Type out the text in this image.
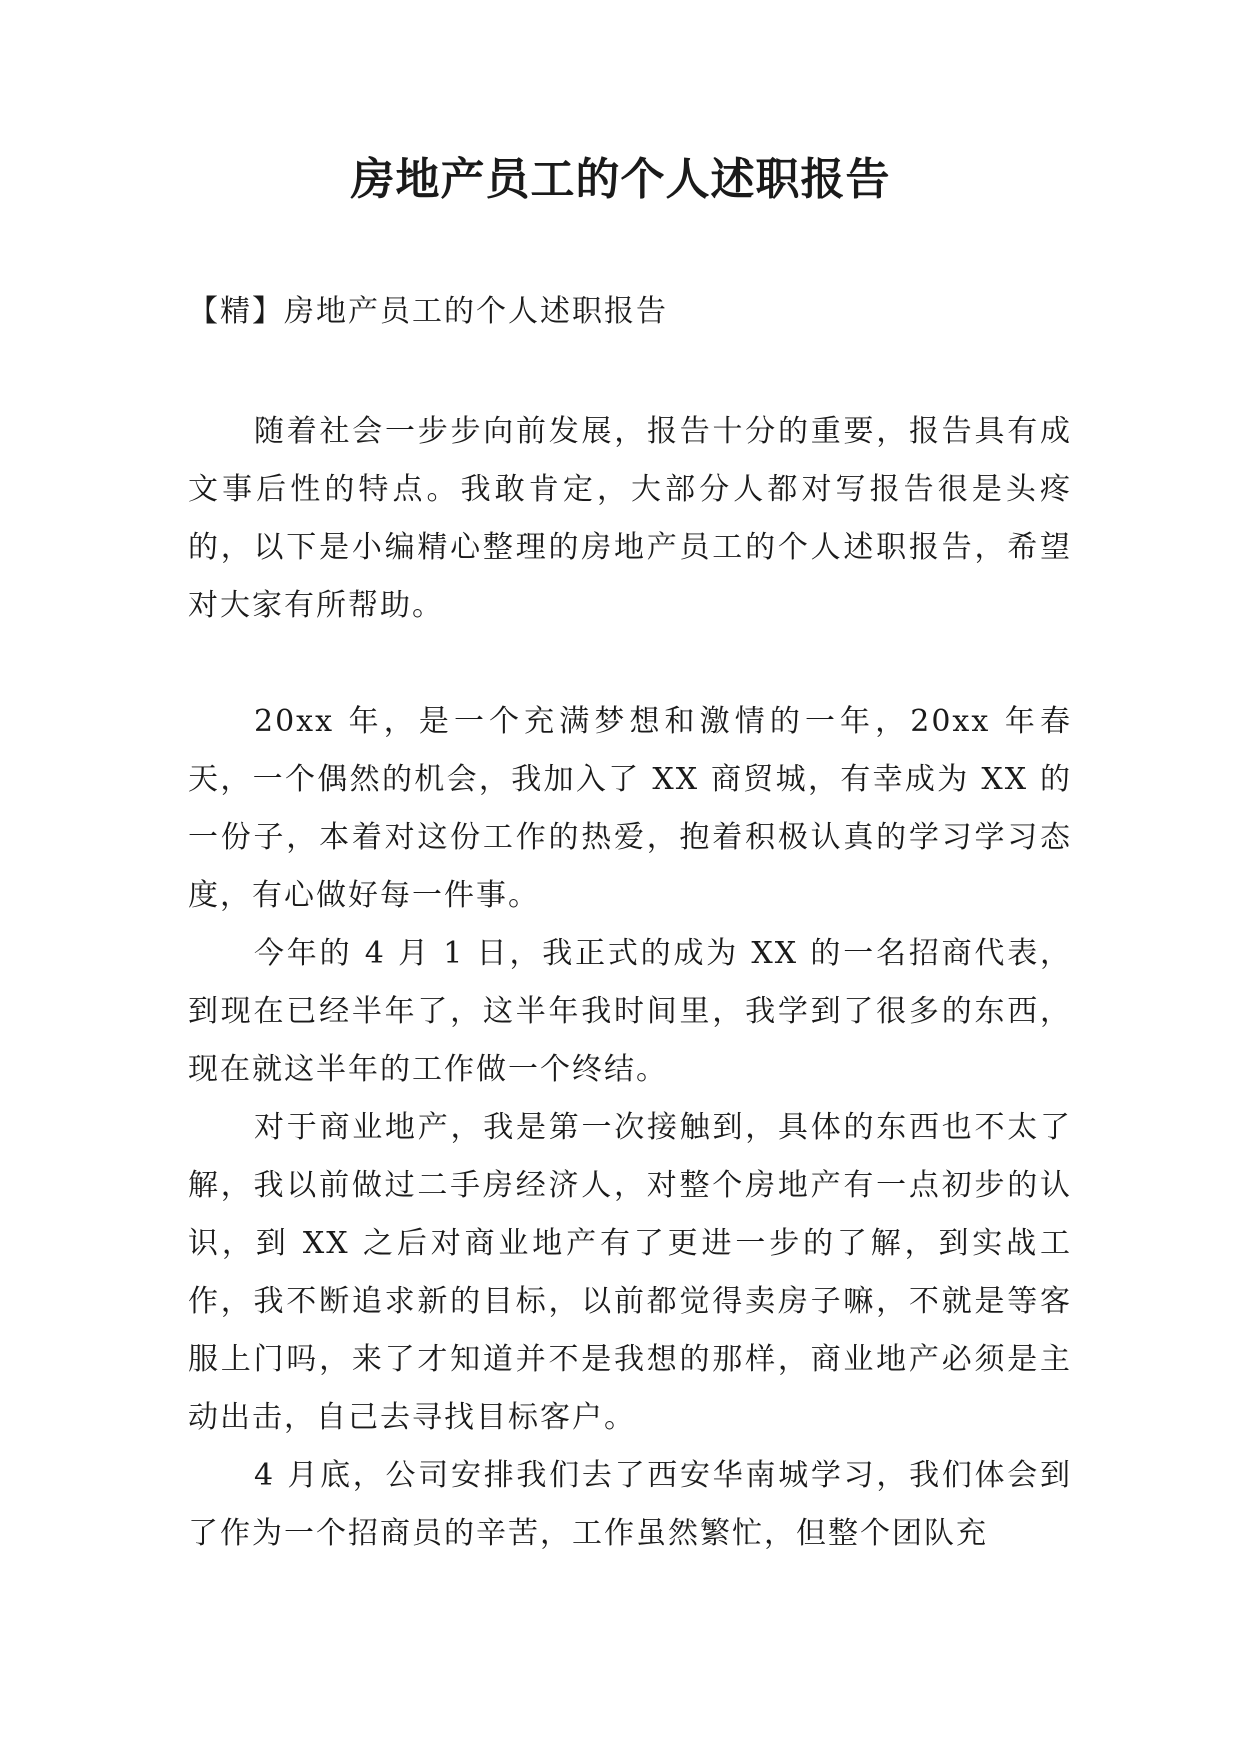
房地产员工的个人述职报告
【精】房地产员工的个人述职报告

随着社会一步步向前发展，报告十分的重要，报告具有成文事后性的特点。我敢肯定，大部分人都对写报告很是头疼的，以下是小编精心整理的房地产员工的个人述职报告，希望对大家有所帮助。

20xx 年，是一个充满梦想和激情的一年，20xx 年春天，一个偶然的机会，我加入了 XX 商贸城，有幸成为 XX 的一份子，本着对这份工作的热爱，抱着积极认真的学习学习态度，有心做好每一件事。

今年的 4 月 1 日，我正式的成为 XX 的一名招商代表，到现在已经半年了，这半年我时间里，我学到了很多的东西，现在就这半年的工作做一个终结。

对于商业地产，我是第一次接触到，具体的东西也不太了解，我以前做过二手房经济人，对整个房地产有一点初步的认识，到 XX 之后对商业地产有了更进一步的了解，到实战工作，我不断追求新的目标，以前都觉得卖房子嘛，不就是等客服上门吗，来了才知道并不是我想的那样，商业地产必须是主动出击，自己去寻找目标客户。

4 月底，公司安排我们去了西安华南城学习，我们体会到了作为一个招商员的辛苦，工作虽然繁忙，但整个团队充
